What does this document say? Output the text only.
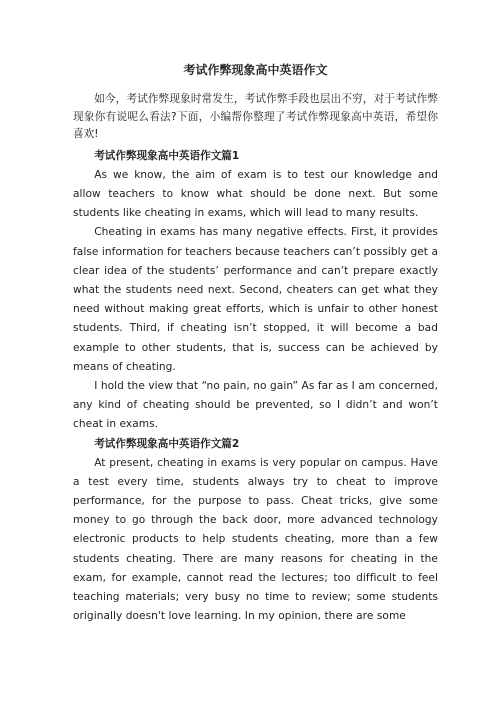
考试作弊现象高中英语作文

如今，考试作弊现象时常发生，考试作弊手段也层出不穷，对于考试作弊现象你有说呢么看法?下面，小编帮你整理了考试作弊现象高中英语，希望你喜欢!

考试作弊现象高中英语作文篇1

As we know, the aim of exam is to test our knowledge and allow teachers to know what should be done next. But some students like cheating in exams, which will lead to many results.

Cheating in exams has many negative effects. First, it provides false information for teachers because teachers can’t possibly get a clear idea of the students’ performance and can’t prepare exactly what the students need next. Second, cheaters can get what they need without making great efforts, which is unfair to other honest students. Third, if cheating isn’t stopped, it will become a bad example to other students, that is, success can be achieved by means of cheating.

I hold the view that “no pain, no gain” As far as I am concerned, any kind of cheating should be prevented, so I didn’t and won’t cheat in exams.

考试作弊现象高中英语作文篇2

At present, cheating in exams is very popular on campus. Have a test every time, students always try to cheat to improve performance, for the purpose to pass. Cheat tricks, give some money to go through the back door, more advanced technology electronic products to help students cheating, more than a few students cheating. There are many reasons for cheating in the exam, for example, cannot read the lectures; too difficult to feel teaching materials; very busy no time to review; some students originally doesn't love learning. In my opinion, there are some
